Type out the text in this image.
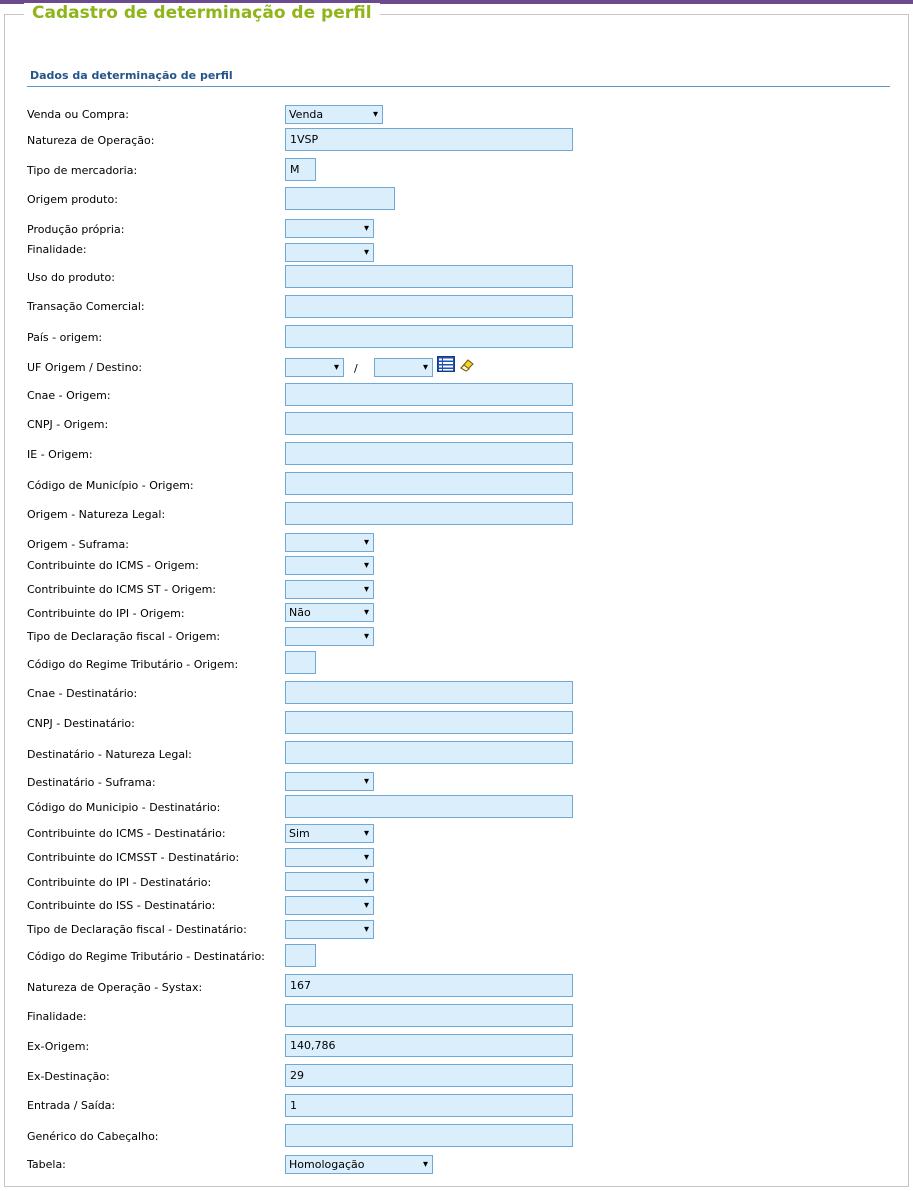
Cadastro de determinação de perfil
Dados da determinação de perfil
Venda ou Compra:	Venda	▾
Natureza de Operação:	1VSP
Tipo de mercadoria:	M
Origem produto:
Produção própria:	▾
Finalidade:	▾
Uso do produto:
Transação Comercial:
País - origem:
UF Origem / Destino:	▾ /	▾
Cnae - Origem:
CNPJ - Origem:
IE - Origem:
Código de Município - Origem:
Origem - Natureza Legal:
Origem - Suframa:	▾
Contribuinte do ICMS - Origem:	▾
Contribuinte do ICMS ST - Origem:	▾
Contribuinte do IPI - Origem:	Não	▾
Tipo de Declaração fiscal - Origem:	▾
Código do Regime Tributário - Origem:
Cnae - Destinatário:
CNPJ - Destinatário:
Destinatário - Natureza Legal:
Destinatário - Suframa:	▾
Código do Municipio - Destinatário:
Contribuinte do ICMS - Destinatário:	Sim	▾
Contribuinte do ICMSST - Destinatário:	▾
Contribuinte do IPI - Destinatário:	▾
Contribuinte do ISS - Destinatário:	▾
Tipo de Declaração fiscal - Destinatário:	▾
Código do Regime Tributário - Destinatário:
Natureza de Operação - Systax:	167
Finalidade:
Ex-Origem:	140,786
Ex-Destinação:	29
Entrada / Saída:	1
Genérico do Cabeçalho:
Tabela:	Homologação	▾
